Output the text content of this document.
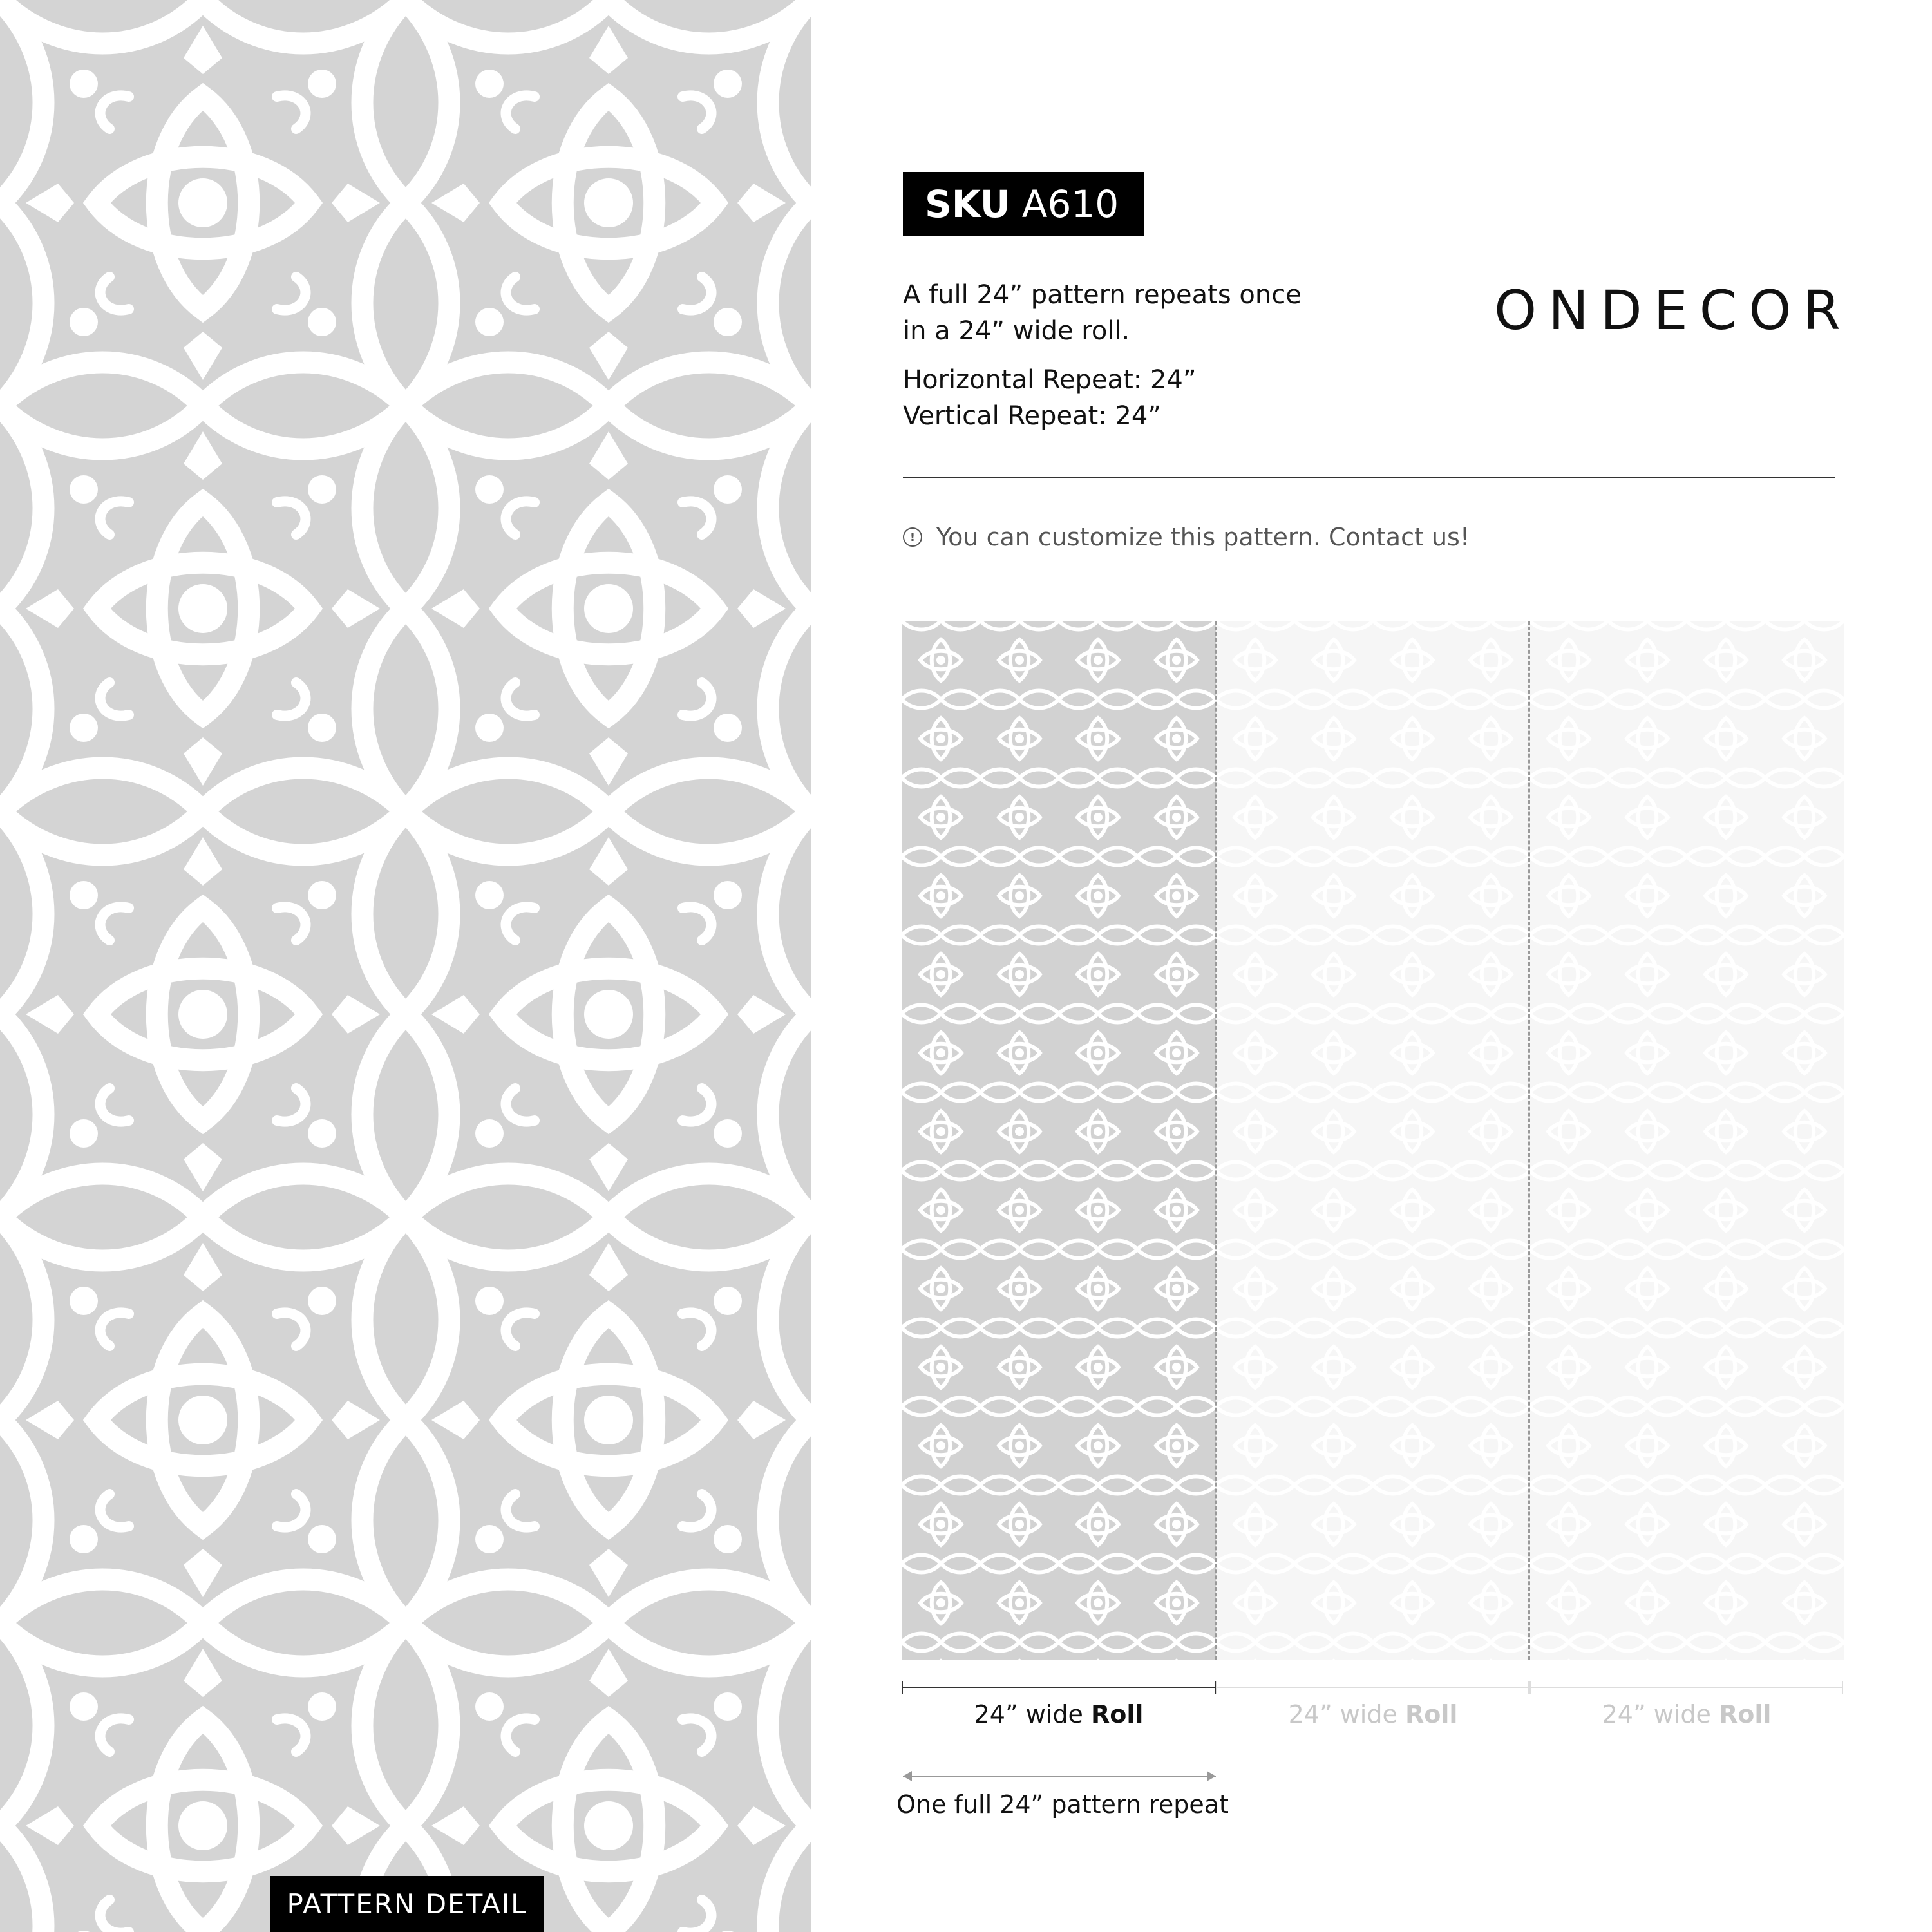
PATTERN DETAIL
SKU A610
A full 24” pattern repeats once
in a 24” wide roll.
Horizontal Repeat: 24”
Vertical Repeat: 24”
ONDECOR
! You can customize this pattern. Contact us!
24” wide Roll	24” wide Roll	24” wide Roll
One full 24” pattern repeat
